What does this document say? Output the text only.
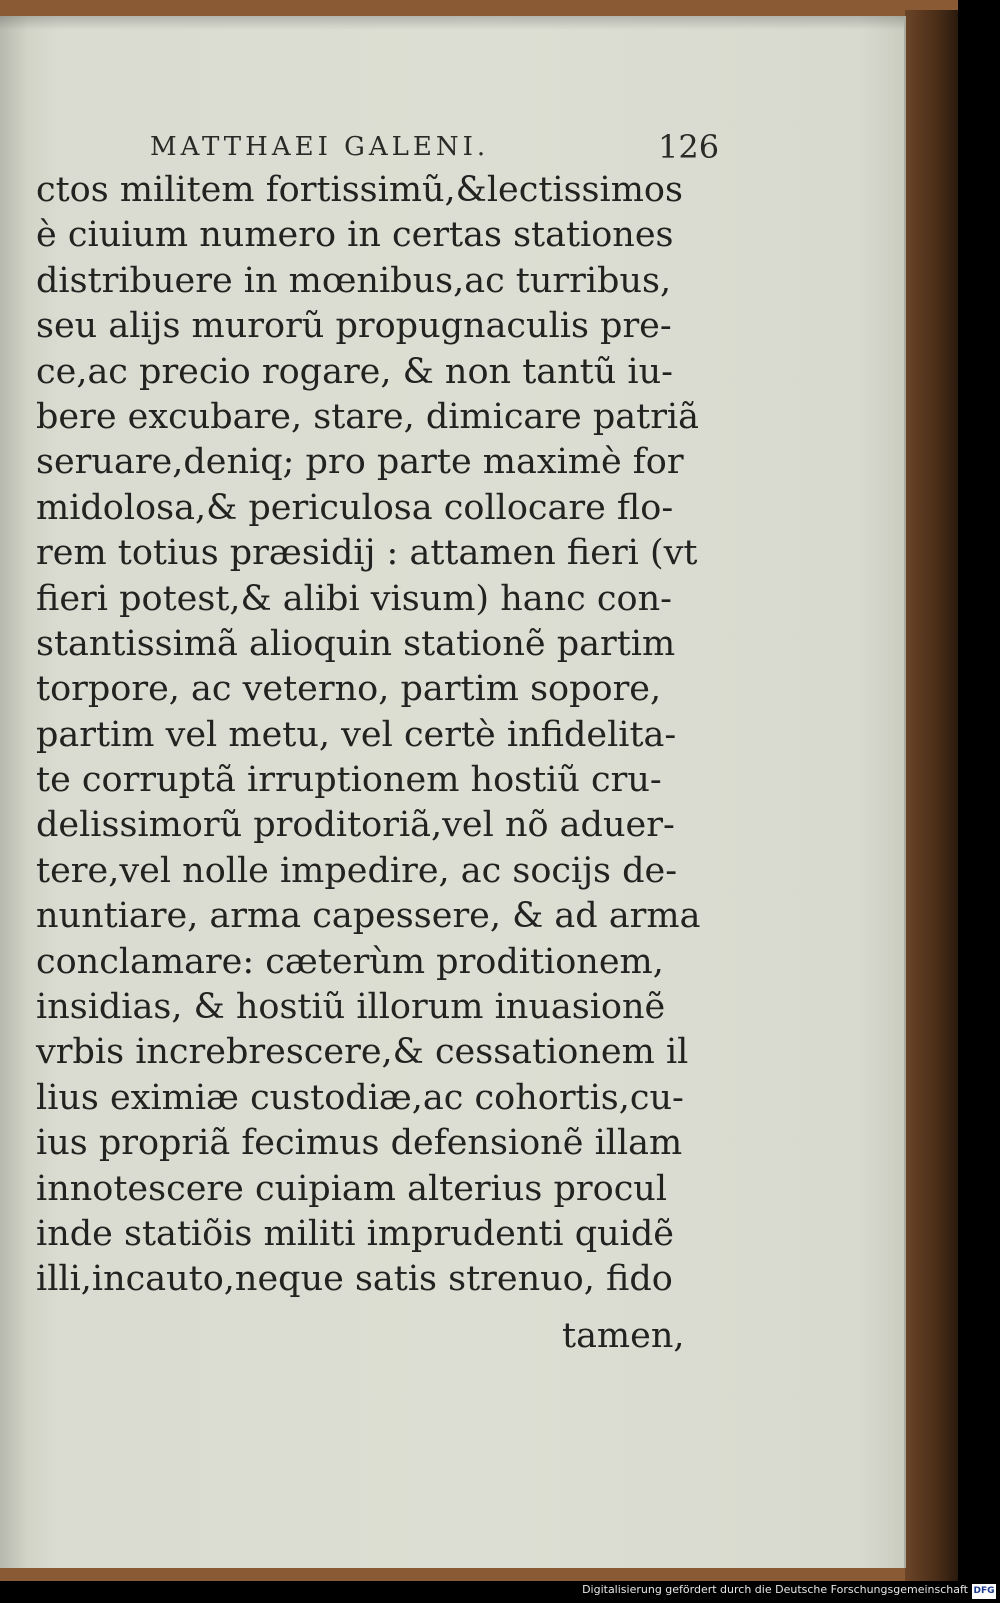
MATTHAEI GALENI.	126
ctos militem fortissimũ,&lectissimos
è ciuium numero in certas stationes
distribuere in mœnibus,ac turribus,
seu alijs murorũ propugnaculis pre-
ce,ac precio rogare, & non tantũ iu-
bere excubare, stare, dimicare patriã
seruare,deniq; pro parte maximè for
midolosa,& periculosa collocare flo-
rem totius præsidij : attamen fieri (vt
fieri potest,& alibi visum) hanc con-
stantissimã alioquin stationẽ partim
torpore, ac veterno, partim sopore,
partim vel metu, vel certè infidelita-
te corruptã irruptionem hostiũ cru-
delissimorũ proditoriã,vel nõ aduer-
tere,vel nolle impedire, ac socijs de-
nuntiare, arma capessere, & ad arma
conclamare: cæterùm proditionem,
insidias, & hostiũ illorum inuasionẽ
vrbis increbrescere,& cessationem il
lius eximiæ custodiæ,ac cohortis,cu-
ius propriã fecimus defensionẽ illam
innotescere cuipiam alterius procul
inde statiõis militi imprudenti quidẽ
illi,incauto,neque satis strenuo, fido
tamen,
Digitalisierung gefördert durch die Deutsche Forschungsgemeinschaft DFG
